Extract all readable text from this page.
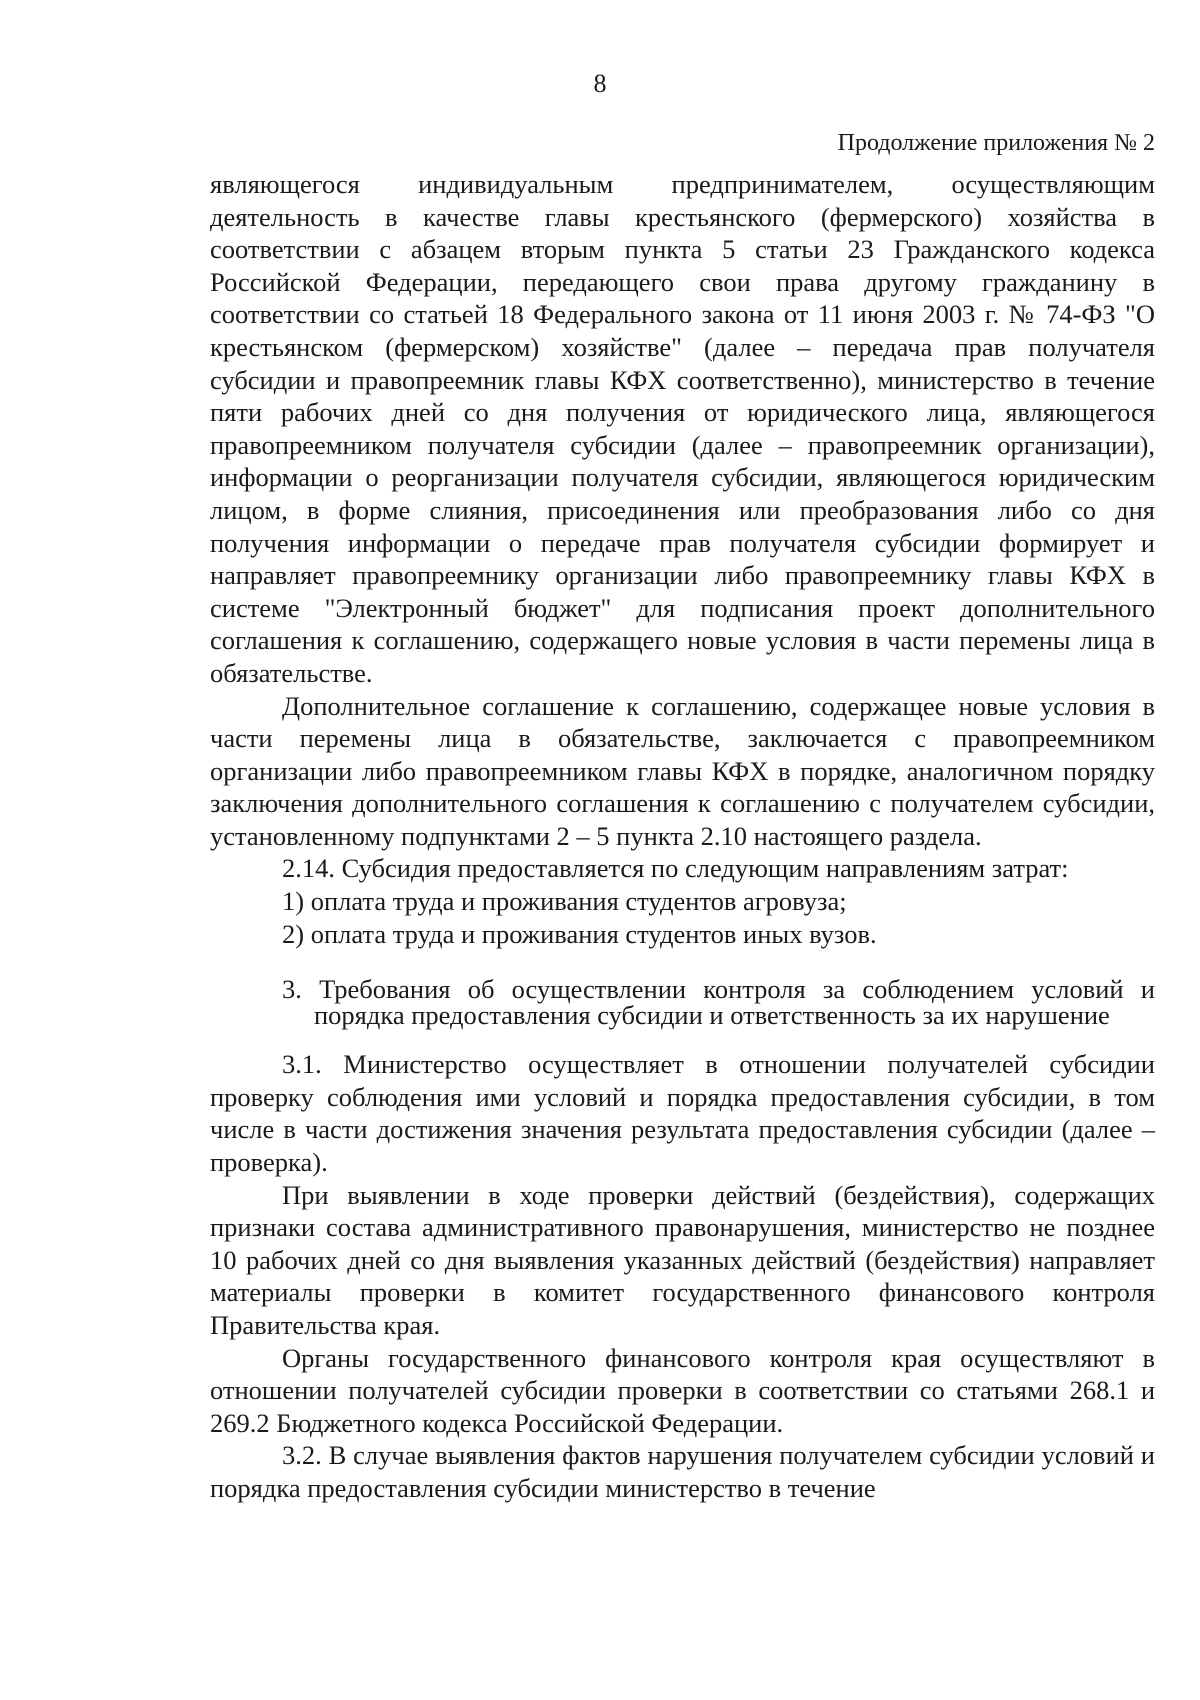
8
Продолжение приложения № 2

являющегося индивидуальным предпринимателем, осуществляющим деятельность в качестве главы крестьянского (фермерского) хозяйства в соответствии с абзацем вторым пункта 5 статьи 23 Гражданского кодекса Российской Федерации, передающего свои права другому гражданину в соответствии со статьей 18 Федерального закона от 11 июня 2003 г. № 74-ФЗ "О крестьянском (фермерском) хозяйстве" (далее – передача прав получателя субсидии и правопреемник главы КФХ соответственно), министерство в течение пяти рабочих дней со дня получения от юридического лица, являющегося правопреемником получателя субсидии (далее – правопреемник организации), информации о реорганизации получателя субсидии, являющегося юридическим лицом, в форме слияния, присоединения или преобразования либо со дня получения информации о передаче прав получателя субсидии формирует и направляет правопреемнику организации либо правопреемнику главы КФХ в системе "Электронный бюджет" для подписания проект дополнительного соглашения к соглашению, содержащего новые условия в части перемены лица в обязательстве.

Дополнительное соглашение к соглашению, содержащее новые условия в части перемены лица в обязательстве, заключается с правопреемником организации либо правопреемником главы КФХ в порядке, аналогичном порядку заключения дополнительного соглашения к соглашению с получателем субсидии, установленному подпунктами 2 – 5 пункта 2.10 настоящего раздела.

2.14. Субсидия предоставляется по следующим направлениям затрат:

1) оплата труда и проживания студентов агровуза;

2) оплата труда и проживания студентов иных вузов.

3. Требования об осуществлении контроля за соблюдением условий и порядка предоставления субсидии и ответственность за их нарушение

3.1. Министерство осуществляет в отношении получателей субсидии проверку соблюдения ими условий и порядка предоставления субсидии, в том числе в части достижения значения результата предоставления субсидии (далее – проверка).

При выявлении в ходе проверки действий (бездействия), содержащих признаки состава административного правонарушения, министерство не позднее 10 рабочих дней со дня выявления указанных действий (бездействия) направляет материалы проверки в комитет государственного финансового контроля Правительства края.

Органы государственного финансового контроля края осуществляют в отношении получателей субсидии проверки в соответствии со статьями 268.1 и 269.2 Бюджетного кодекса Российской Федерации.

3.2. В случае выявления фактов нарушения получателем субсидии условий и порядка предоставления субсидии министерство в течение
